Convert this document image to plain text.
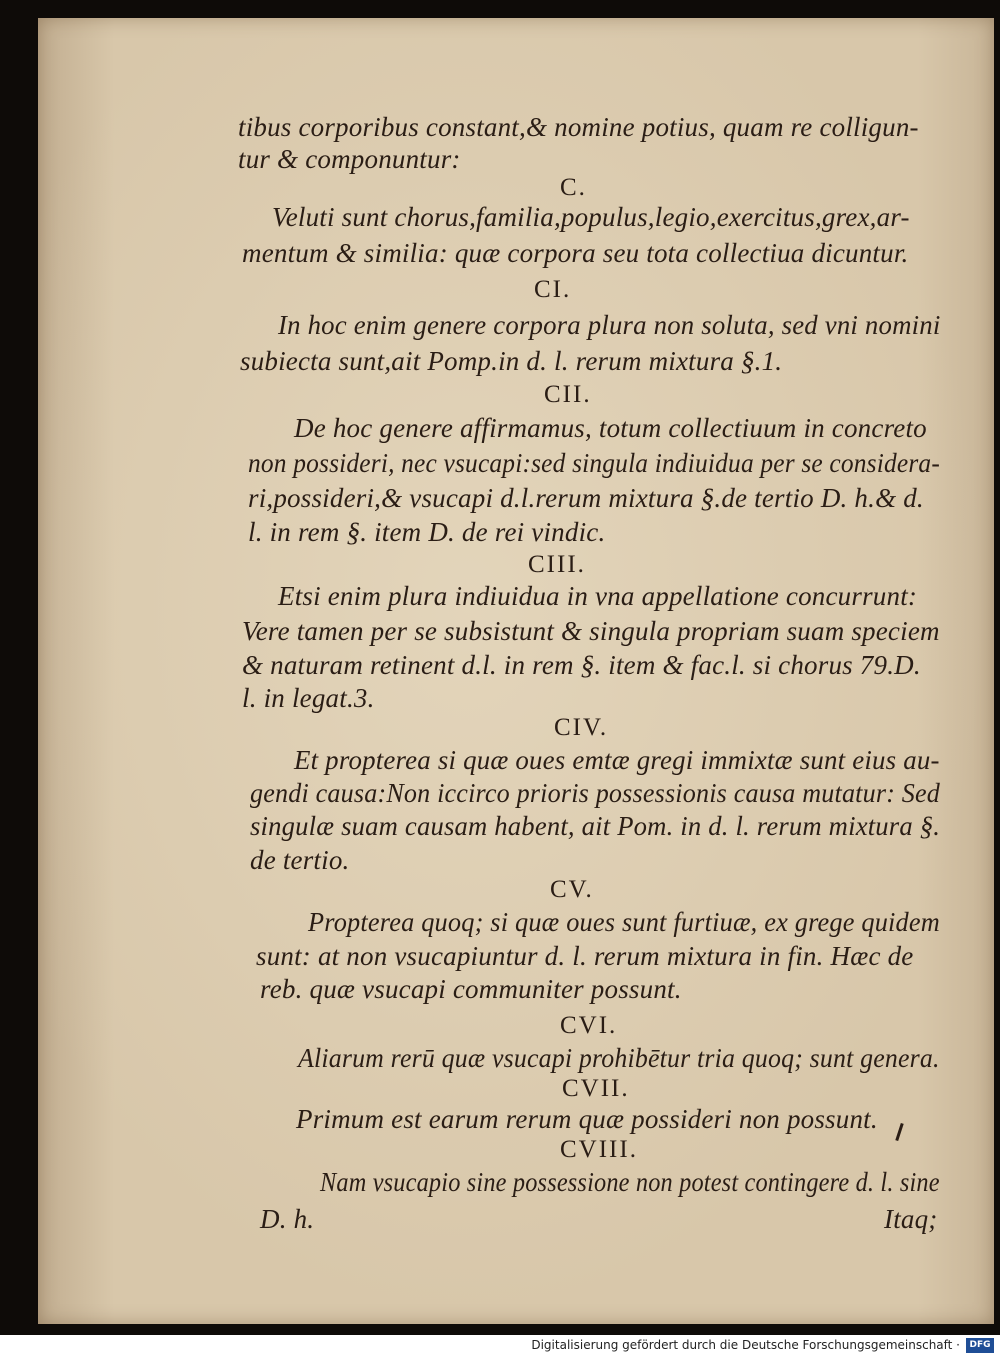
tibus corporibus constant,& nomine potius, quam re colligun-
tur & componuntur:
C.
Veluti sunt chorus,familia,populus,legio,exercitus,grex,ar-
mentum & similia: quæ corpora seu tota collectiua dicuntur.
CI.
In hoc enim genere corpora plura non soluta, sed vni nomini
subiecta sunt,ait Pomp.in d. l. rerum mixtura §.1.
CII.
De hoc genere affirmamus, totum collectiuum in concreto
non possideri, nec vsucapi:sed singula indiuidua per se considera-
ri,possideri,& vsucapi d.l.rerum mixtura §.de tertio D. h.& d.
l. in rem §. item D. de rei vindic.
CIII.
Etsi enim plura indiuidua in vna appellatione concurrunt:
Vere tamen per se subsistunt & singula propriam suam speciem
& naturam retinent d.l. in rem §. item & fac.l. si chorus 79.D.
l. in legat.3.
CIV.
Et propterea si quæ oues emtæ gregi immixtæ sunt eius au-
gendi causa:Non iccirco prioris possessionis causa mutatur: Sed
singulæ suam causam habent, ait Pom. in d. l. rerum mixtura §.
de tertio.
CV.
Propterea quoq; si quæ oues sunt furtiuæ, ex grege quidem
sunt: at non vsucapiuntur d. l. rerum mixtura in fin. Hæc de
reb. quæ vsucapi communiter possunt.
CVI.
Aliarum rerū quæ vsucapi prohibētur tria quoq; sunt genera.
CVII.
Primum est earum rerum quæ possideri non possunt.
CVIII.
Nam vsucapio sine possessione non potest contingere d. l. sine
D. h.	Itaq;
Digitalisierung gefördert durch die Deutsche Forschungsgemeinschaft ·	DFG
